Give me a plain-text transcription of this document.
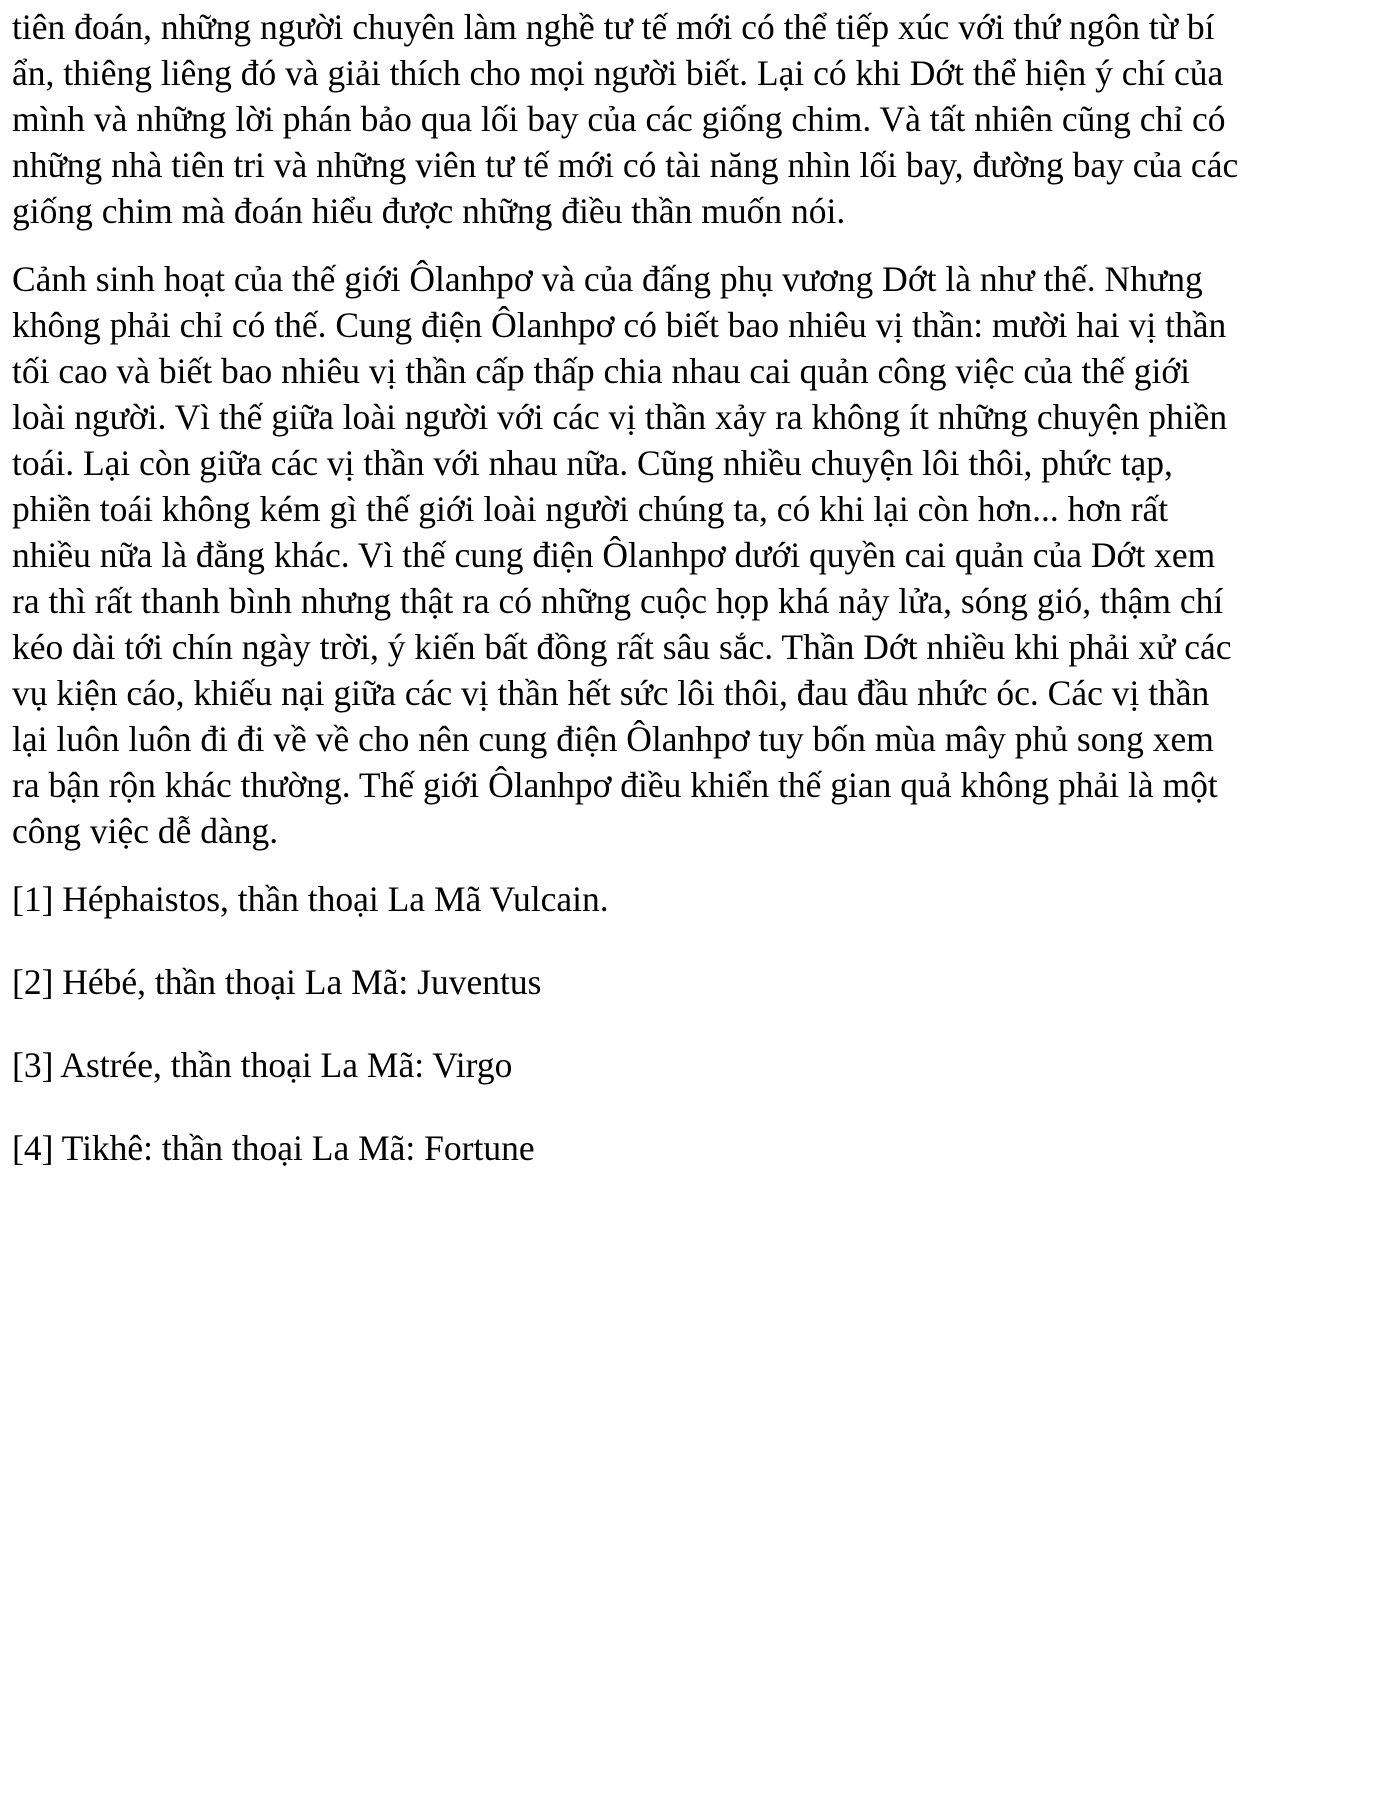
tiên đoán, những người chuyên làm nghề tư tế mới có thể tiếp xúc với thứ ngôn từ bí
ẩn, thiêng liêng đó và giải thích cho mọi người biết. Lại có khi Dớt thể hiện ý chí của
mình và những lời phán bảo qua lối bay của các giống chim. Và tất nhiên cũng chỉ có
những nhà tiên tri và những viên tư tế mới có tài năng nhìn lối bay, đường bay của các
giống chim mà đoán hiểu được những điều thần muốn nói.

Cảnh sinh hoạt của thế giới Ôlanhpơ và của đấng phụ vương Dớt là như thế. Nhưng
không phải chỉ có thế. Cung điện Ôlanhpơ có biết bao nhiêu vị thần: mười hai vị thần
tối cao và biết bao nhiêu vị thần cấp thấp chia nhau cai quản công việc của thế giới
loài người. Vì thế giữa loài người với các vị thần xảy ra không ít những chuyện phiền
toái. Lại còn giữa các vị thần với nhau nữa. Cũng nhiều chuyện lôi thôi, phức tạp,
phiền toái không kém gì thế giới loài người chúng ta, có khi lại còn hơn... hơn rất
nhiều nữa là đằng khác. Vì thế cung điện Ôlanhpơ dưới quyền cai quản của Dớt xem
ra thì rất thanh bình nhưng thật ra có những cuộc họp khá nảy lửa, sóng gió, thậm chí
kéo dài tới chín ngày trời, ý kiến bất đồng rất sâu sắc. Thần Dớt nhiều khi phải xử các
vụ kiện cáo, khiếu nại giữa các vị thần hết sức lôi thôi, đau đầu nhức óc. Các vị thần
lại luôn luôn đi đi về về cho nên cung điện Ôlanhpơ tuy bốn mùa mây phủ song xem
ra bận rộn khác thường. Thế giới Ôlanhpơ điều khiển thế gian quả không phải là một
công việc dễ dàng.

[1] Héphaistos, thần thoại La Mã Vulcain.

[2] Hébé, thần thoại La Mã: Juventus

[3] Astrée, thần thoại La Mã: Virgo

[4] Tikhê: thần thoại La Mã: Fortune
